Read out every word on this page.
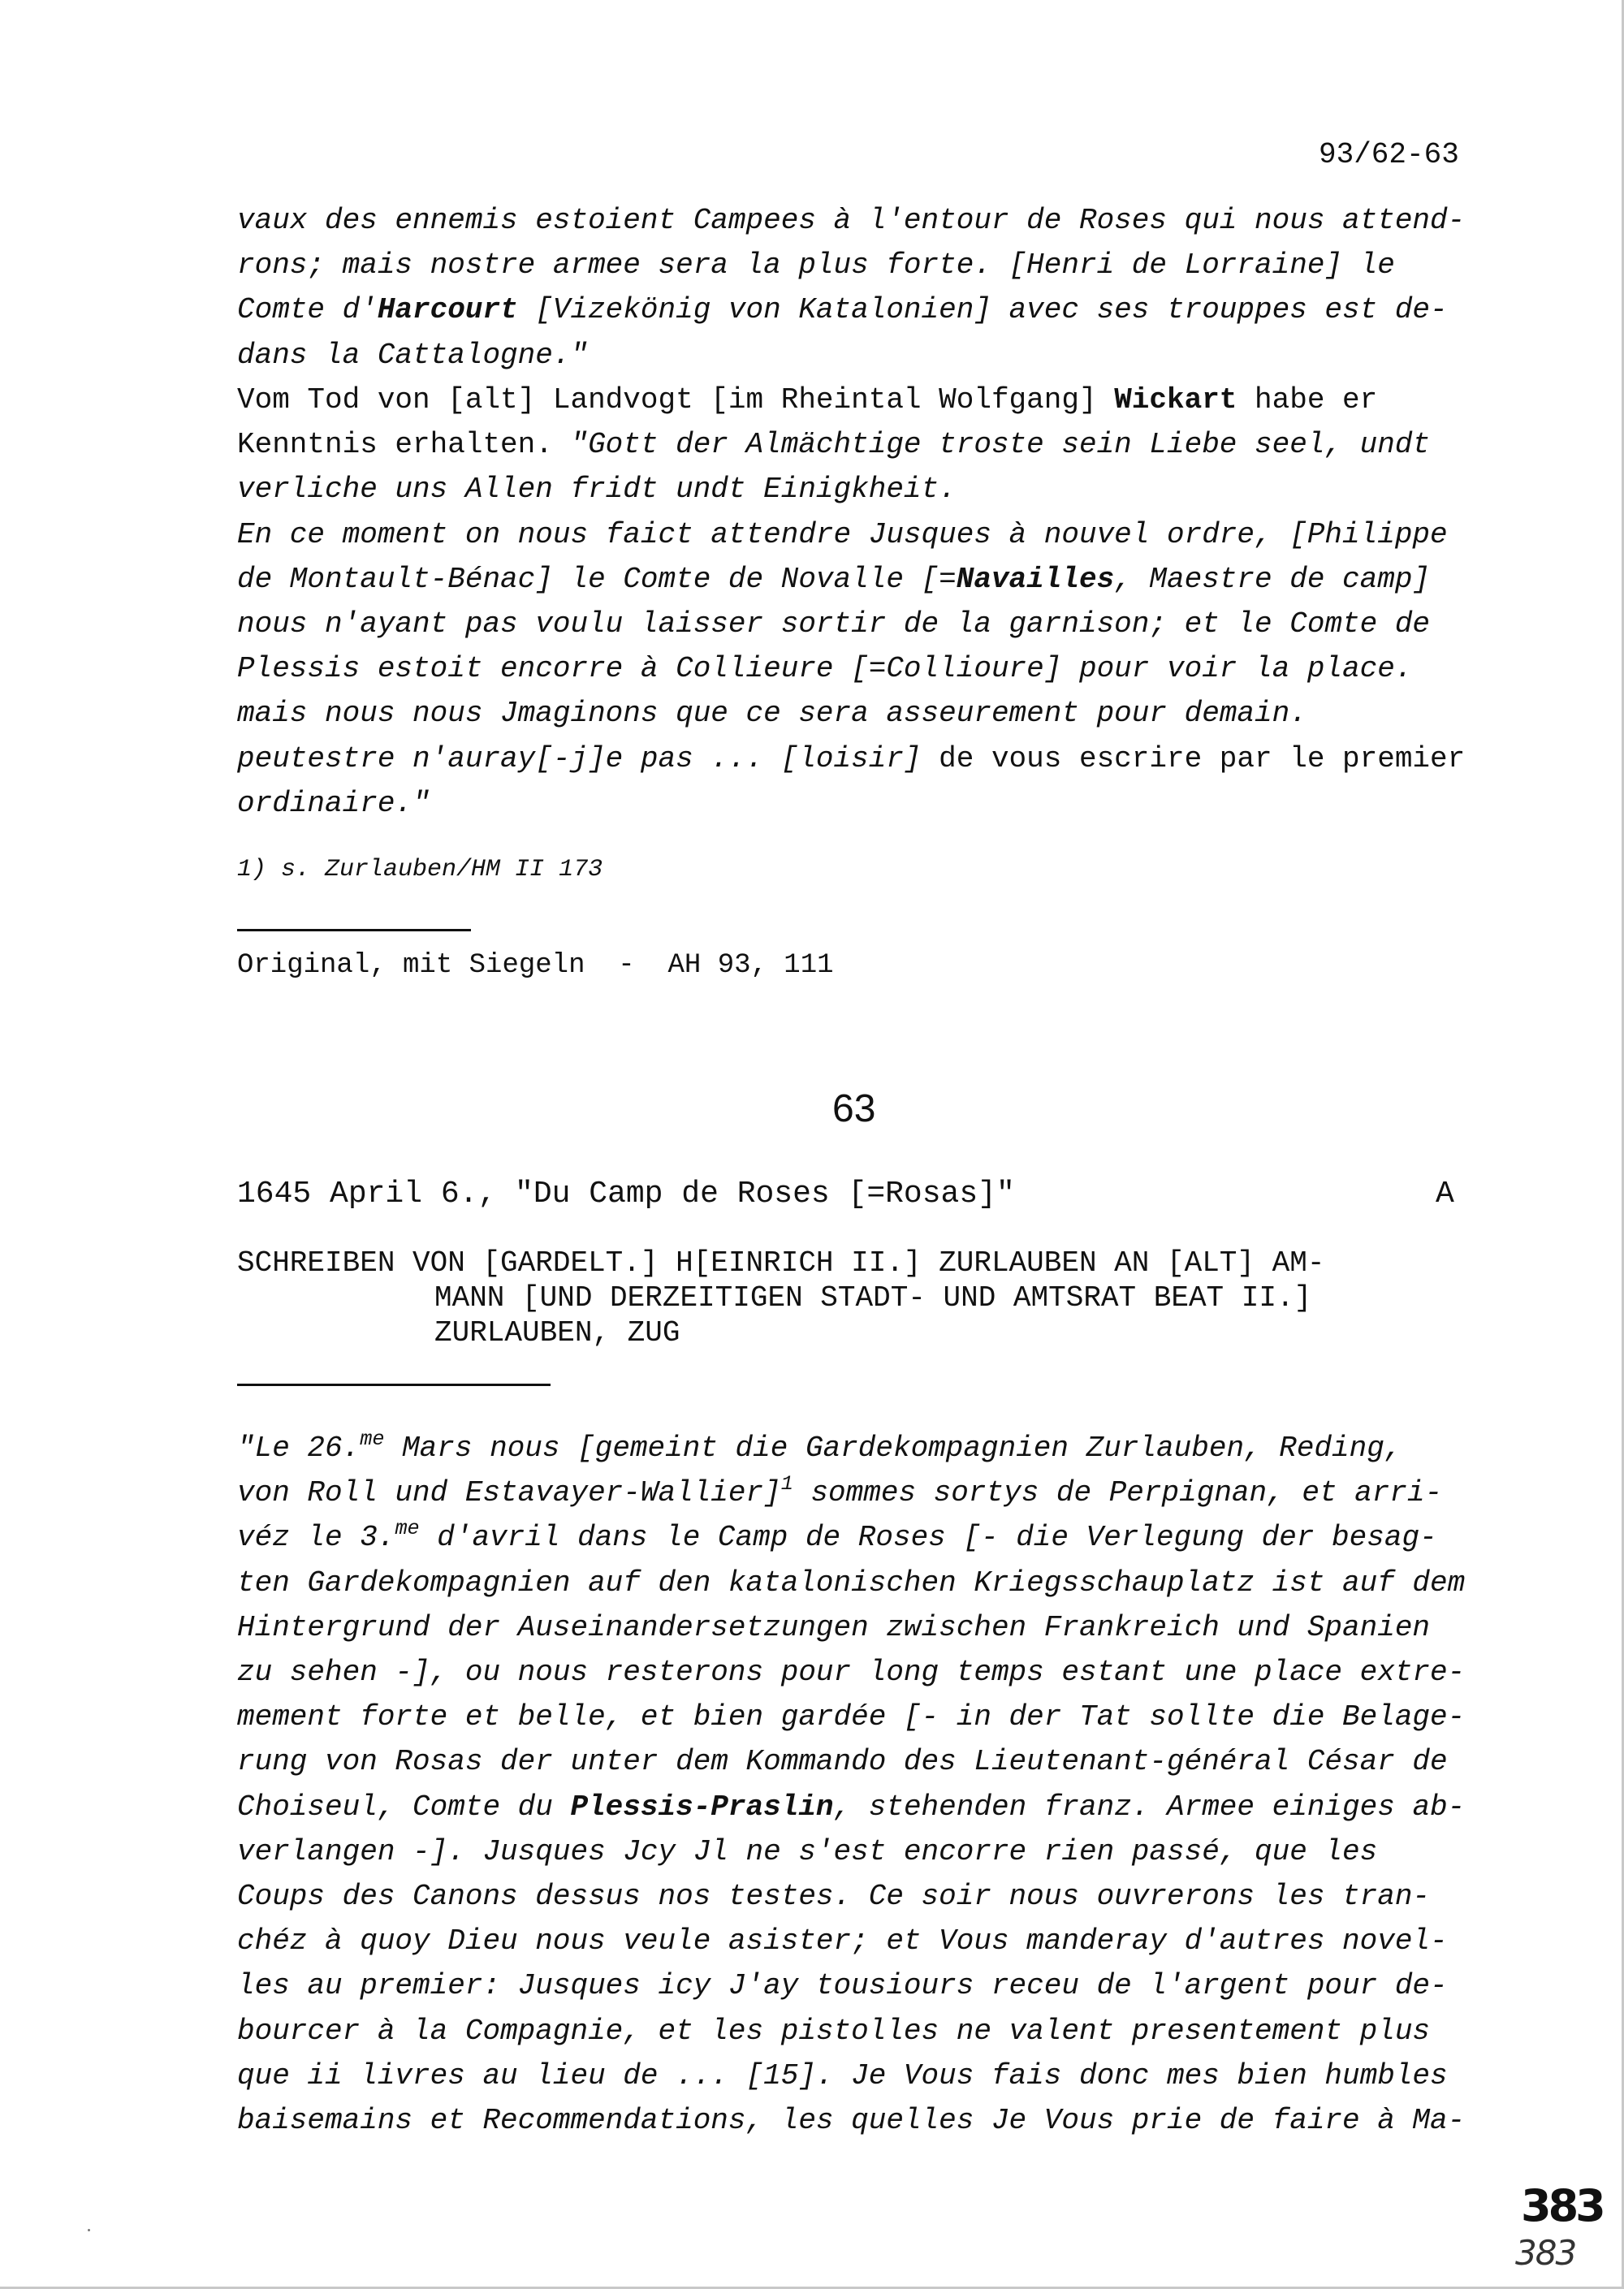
93/62-63

vaux des ennemis estoient Campees à l'entour de Roses qui nous attend-
rons; mais nostre armee sera la plus forte. [Henri de Lorraine] le
Comte d'Harcourt [Vizekönig von Katalonien] avec ses trouppes est de-
dans la Cattalogne."

Vom Tod von [alt] Landvogt [im Rheintal Wolfgang] Wickart habe er
Kenntnis erhalten. "Gott der Almächtige troste sein Liebe seel, undt
verliche uns Allen fridt undt Einigkheit.
En ce moment on nous faict attendre Jusques à nouvel ordre, [Philippe
de Montault-Bénac] le Comte de Novalle [=Navailles, Maestre de camp]
nous n'ayant pas voulu laisser sortir de la garnison; et le Comte de
Plessis estoit encorre à Collieure [=Collioure] pour voir la place.
mais nous nous Jmaginons que ce sera asseurement pour demain.
peutestre n'auray[-j]e pas ... [loisir] de vous escrire par le premier
ordinaire."

1) s. Zurlauben/HM II 173
Original, mit Siegeln  -  AH 93, 111
63
1645 April 6., "Du Camp de Roses [=Rosas]"	A
SCHREIBEN VON [GARDELT.] H[EINRICH II.] ZURLAUBEN AN [ALT] AM-
MANN [UND DERZEITIGEN STADT- UND AMTSRAT BEAT II.]
ZURLAUBEN, ZUG

"Le 26.$^{me}$ Mars nous [gemeint die Gardekompagnien Zurlauben, Reding,
von Roll und Estavayer-Wallier]$^1$ sommes sortys de Perpignan, et arri-
véz le 3.$^{me}$ d'avril dans le Camp de Roses [- die Verlegung der besag-
ten Gardekompagnien auf den katalonischen Kriegsschauplatz ist auf dem
Hintergrund der Auseinandersetzungen zwischen Frankreich und Spanien
zu sehen -], ou nous resterons pour long temps estant une place extre-
mement forte et belle, et bien gardée [- in der Tat sollte die Belage-
rung von Rosas der unter dem Kommando des Lieutenant-général César de
Choiseul, Comte du Plessis-Praslin, stehenden franz. Armee einiges ab-
verlangen -]. Jusques Jcy Jl ne s'est encorre rien passé, que les
Coups des Canons dessus nos testes. Ce soir nous ouvrerons les tran-
chéz à quoy Dieu nous veule asister; et Vous manderay d'autres novel-
les au premier: Jusques icy J'ay tousiours receu de l'argent pour de-
bourcer à la Compagnie, et les pistolles ne valent presentement plus
que ii livres au lieu de ... [15]. Je Vous fais donc mes bien humbles
baisemains et Recommendations, les quelles Je Vous prie de faire à Ma-

383
383
